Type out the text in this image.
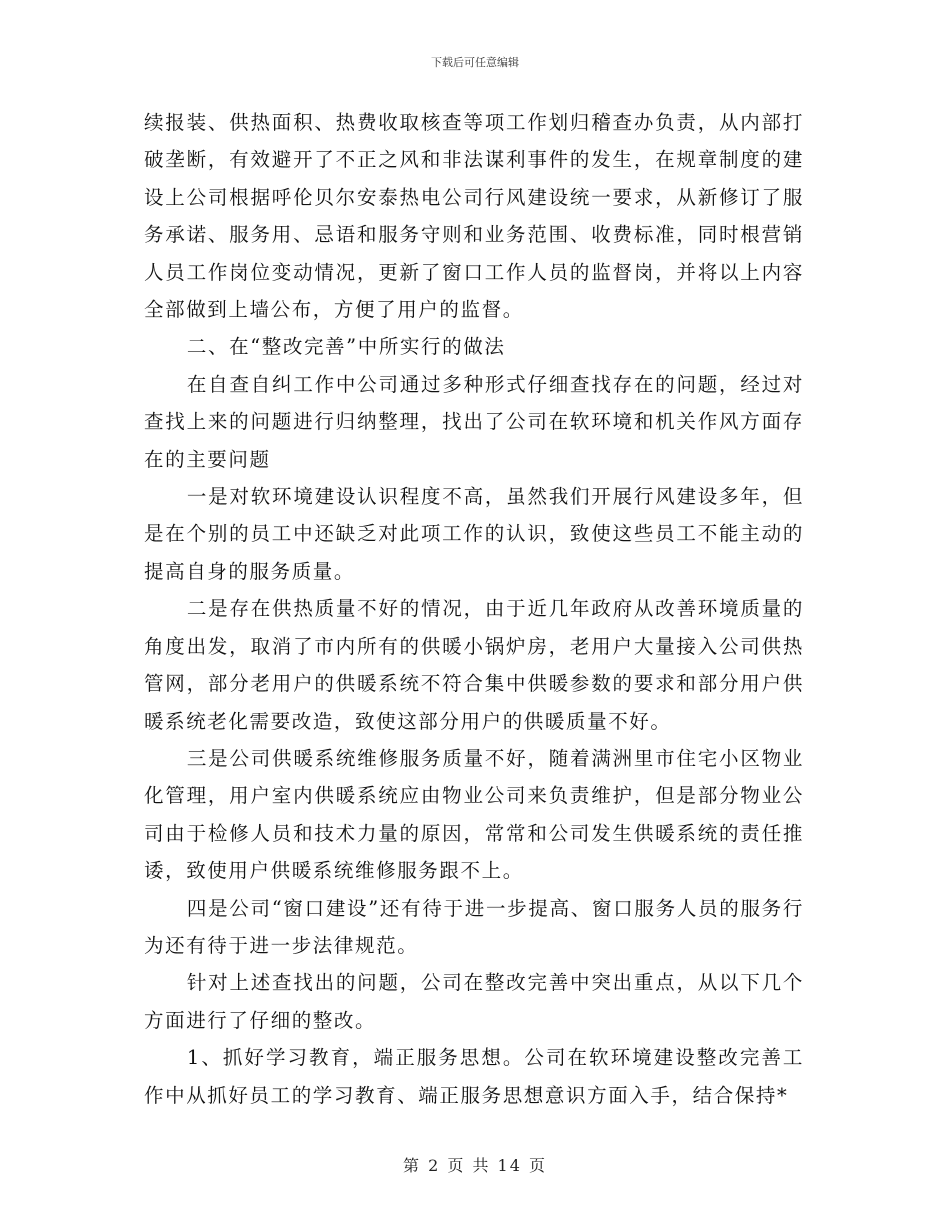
下载后可任意编辑

续报装、供热面积、热费收取核查等项工作划归稽查办负责，从内部打破垄断，有效避开了不正之风和非法谋利事件的发生，在规章制度的建设上公司根据呼伦贝尔安泰热电公司行风建设统一要求，从新修订了服务承诺、服务用、忌语和服务守则和业务范围、收费标准，同时根营销人员工作岗位变动情况，更新了窗口工作人员的监督岗，并将以上内容全部做到上墙公布，方便了用户的监督。

二、在“整改完善”中所实行的做法

在自查自纠工作中公司通过多种形式仔细查找存在的问题，经过对查找上来的问题进行归纳整理，找出了公司在软环境和机关作风方面存在的主要问题

一是对软环境建设认识程度不高，虽然我们开展行风建设多年，但是在个别的员工中还缺乏对此项工作的认识，致使这些员工不能主动的提高自身的服务质量。

二是存在供热质量不好的情况，由于近几年政府从改善环境质量的角度出发，取消了市内所有的供暖小锅炉房，老用户大量接入公司供热管网，部分老用户的供暖系统不符合集中供暖参数的要求和部分用户供暖系统老化需要改造，致使这部分用户的供暖质量不好。

三是公司供暖系统维修服务质量不好，随着满洲里市住宅小区物业化管理，用户室内供暖系统应由物业公司来负责维护，但是部分物业公司由于检修人员和技术力量的原因，常常和公司发生供暖系统的责任推诿，致使用户供暖系统维修服务跟不上。

四是公司“窗口建设”还有待于进一步提高、窗口服务人员的服务行为还有待于进一步法律规范。

针对上述查找出的问题，公司在整改完善中突出重点，从以下几个方面进行了仔细的整改。

1、抓好学习教育，端正服务思想。公司在软环境建设整改完善工作中从抓好员工的学习教育、端正服务思想意识方面入手，结合保持*

第 2 页 共 14 页
